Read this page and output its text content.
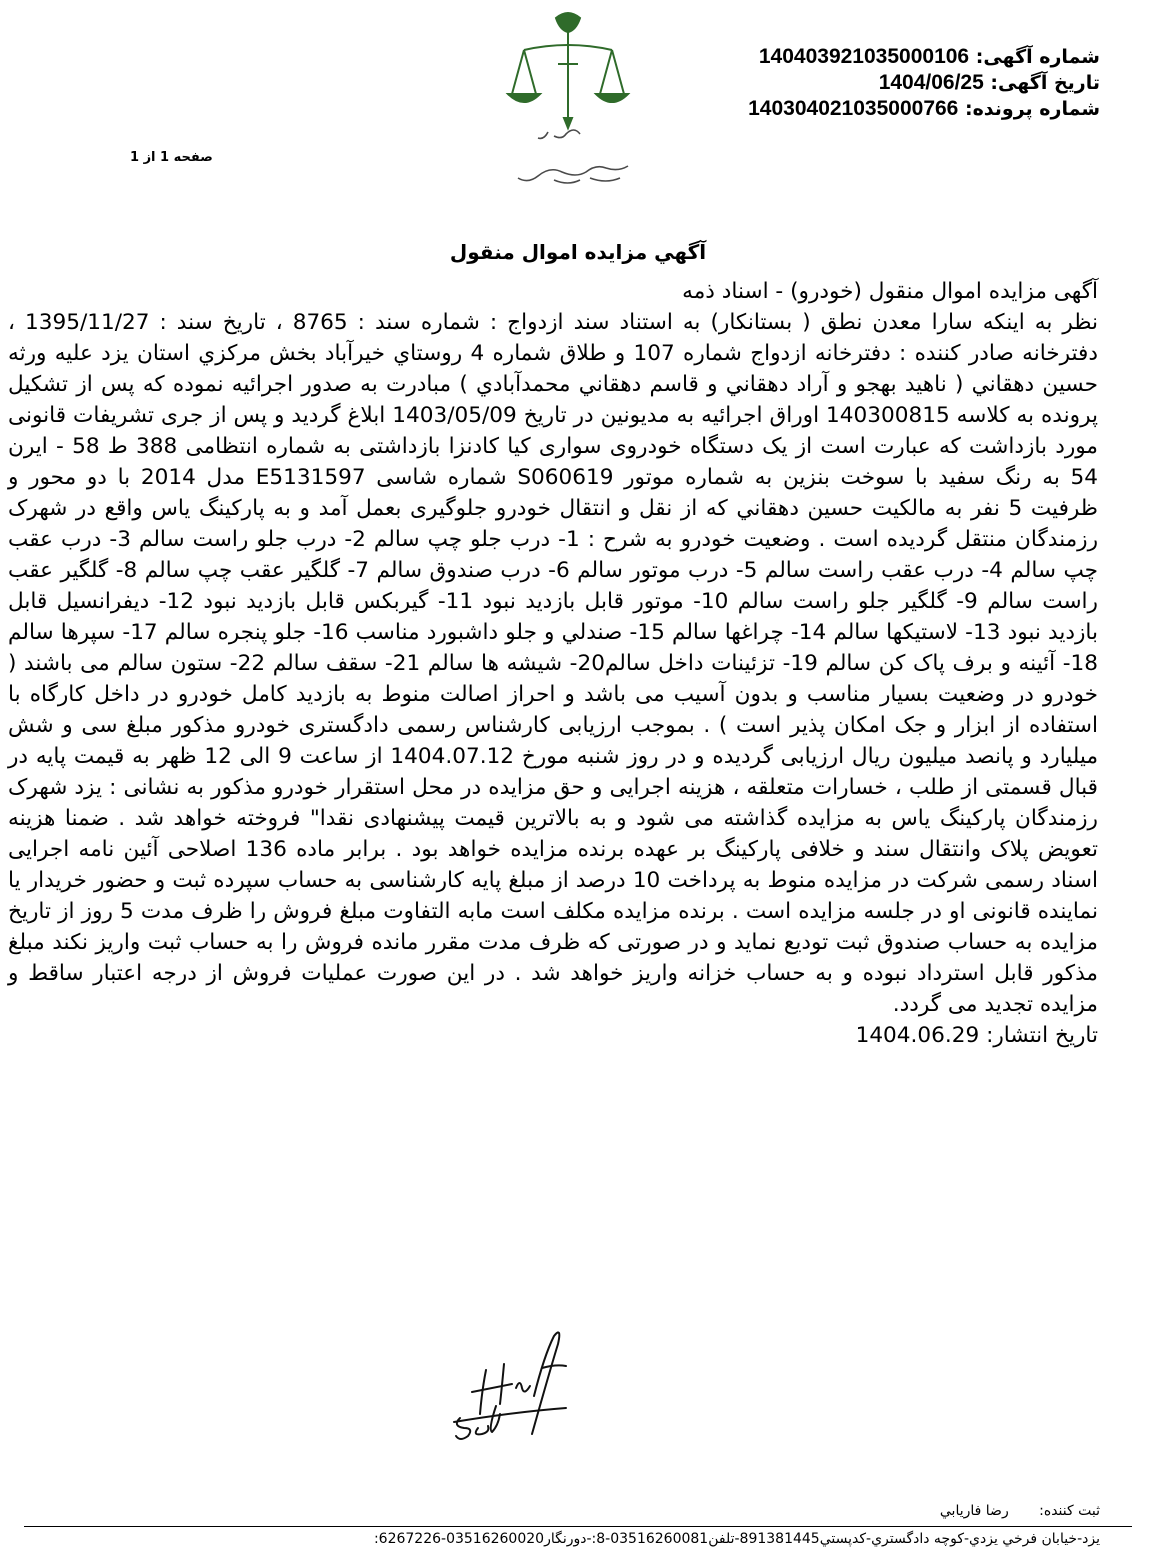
شماره آگهی: 14040392103500010​6
تاریخ آگهی: 1404/06/25
شماره پرونده: 140304021035000766
صفحه 1 از 1
آگهي مزايده اموال منقول
آگهی مزایده اموال منقول (خودرو) - اسناد ذمه
نظر به اینکه سارا معدن نطق ( بستانکار) به استناد سند ازدواج : شماره سند : 8765 ، تاریخ سند : 1395/11/27 ، دفترخانه صادر کننده : دفترخانه ازدواج شماره 107 و طلاق شماره 4 روستاي خيرآباد بخش مرکزي استان يزد عليه ورثه حسين دهقاني ( ناهيد بهجو و آراد دهقاني و قاسم دهقاني محمدآبادي ) مبادرت به صدور اجرائیه نموده که پس از تشکیل پرونده به کلاسه 140300815 اوراق اجرائیه به مدیونین در تاریخ 1403/05/09 ابلاغ گردید و پس از جری تشریفات قانونی مورد بازداشت که عبارت است از یک دستگاه خودروی سواری کیا کادنزا بازداشتی به شماره انتظامی 388 ط 58 - ایرن 54 به رنگ سفید با سوخت بنزین به شماره موتور S060619 شماره شاسی E5131597 مدل 2014 با دو محور و ظرفیت 5 نفر به مالکیت حسين دهقاني که از نقل و انتقال خودرو جلوگیری بعمل آمد و به پارکینگ یاس واقع در شهرک رزمندگان منتقل گردیده است . وضعیت خودرو به شرح : 1- درب جلو چپ سالم 2- درب جلو راست سالم 3- درب عقب چپ سالم 4- درب عقب راست سالم 5- درب موتور سالم 6- درب صندوق سالم 7- گلگیر عقب چپ سالم 8- گلگیر عقب راست سالم 9- گلگیر جلو راست سالم 10- موتور قابل بازدید نبود 11- گیربکس قابل بازدید نبود 12- دیفرانسیل قابل بازدید نبود 13- لاستیکها سالم 14- چراغها سالم 15- صندلي و جلو داشبورد مناسب 16- جلو پنجره سالم 17- سپرها سالم 18- آئینه و برف پاک کن سالم 19- تزئینات داخل سالم20- شیشه ها سالم 21- سقف سالم 22- ستون سالم می باشند ( خودرو در وضعیت بسیار مناسب و بدون آسیب می باشد و احراز اصالت منوط به بازدید کامل خودرو در داخل کارگاه با استفاده از ابزار و جک امکان پذیر است ) . بموجب ارزیابی کارشناس رسمی دادگستری خودرو مذکور مبلغ سی و شش میلیارد و پانصد میلیون ریال ارزیابی گردیده و در روز شنبه مورخ 1404.07.12 از ساعت 9 الی 12 ظهر به قیمت پایه در قبال قسمتی از طلب ، خسارات متعلقه ، هزینه اجرایی و حق مزایده در محل استقرار خودرو مذکور به نشانی : یزد شهرک رزمندگان پارکینگ یاس به مزایده گذاشته می شود و به بالاترین قیمت پیشنهادی نقدا" فروخته خواهد شد . ضمنا هزینه تعویض پلاک وانتقال سند و خلافی پارکینگ بر عهده برنده مزایده خواهد بود . برابر ماده 136 اصلاحی آئین نامه اجرایی اسناد رسمی شرکت در مزایده منوط به پرداخت 10 درصد از مبلغ پایه کارشناسی به حساب سپرده ثبت و حضور خریدار یا نماینده قانونی او در جلسه مزایده است . برنده مزایده مکلف است مابه التفاوت مبلغ فروش را ظرف مدت 5 روز از تاریخ مزایده به حساب صندوق ثبت تودیع نماید و در صورتی که ظرف مدت مقرر مانده فروش را به حساب ثبت واریز نکند مبلغ مذکور قابل استرداد نبوده و به حساب خزانه واریز خواهد شد . در این صورت عملیات فروش از درجه اعتبار ساقط و مزایده تجدید می گردد.
تاریخ انتشار: 1404.06.29
ثبت کننده: رضا فاريابي
يزد-خيابان فرخي يزدي-کوچه دادگستري-کدپستي891381445-تلفن03516260081-8:-دورنگار03516260020-6267226:
